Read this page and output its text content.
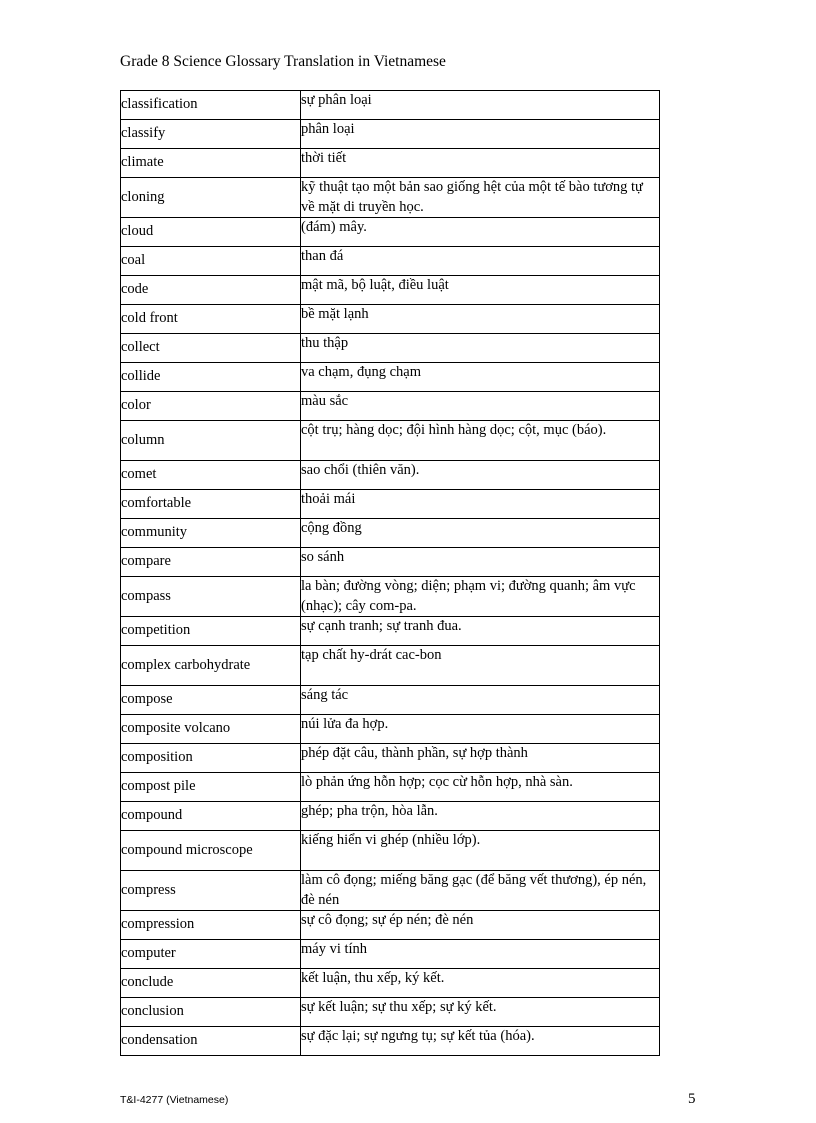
Grade 8 Science Glossary Translation in Vietnamese
classification	sự phân loại
classify	phân loại
climate	thời tiết
cloning	kỹ thuật tạo một bản sao giống hệt của một tế bào tương tự về mặt di truyền học.
cloud	(đám) mây.
coal	than đá
code	mật mã, bộ luật, điều luật
cold front	bề mặt lạnh
collect	thu thập
collide	va chạm, đụng chạm
color	màu sắc
column	cột trụ; hàng dọc; đội hình hàng dọc; cột, mục (báo).
comet	sao chổi (thiên văn).
comfortable	thoải mái
community	cộng đồng
compare	so sánh
compass	la bàn; đường vòng; diện; phạm vi; đường quanh; âm vực (nhạc); cây com-pa.
competition	sự cạnh tranh; sự tranh đua.
complex carbohydrate	tạp chất hy-drát cac-bon
compose	sáng tác
composite volcano	núi lửa đa hợp.
composition	phép đặt câu, thành phần, sự hợp thành
compost pile	lò phản ứng hỗn hợp; cọc cừ hỗn hợp, nhà sàn.
compound	ghép; pha trộn, hòa lẫn.
compound microscope	kiếng hiển vi ghép (nhiều lớp).
compress	làm cô đọng; miếng băng gạc (để băng vết thương), ép nén, đè nén
compression	sự cô đọng; sự ép nén; đè nén
computer	máy vi tính
conclude	kết luận, thu xếp, ký kết.
conclusion	sự kết luận; sự thu xếp; sự ký kết.
condensation	sự đặc lại; sự ngưng tụ; sự kết tủa (hóa).
T&I-4277 (Vietnamese)	5
